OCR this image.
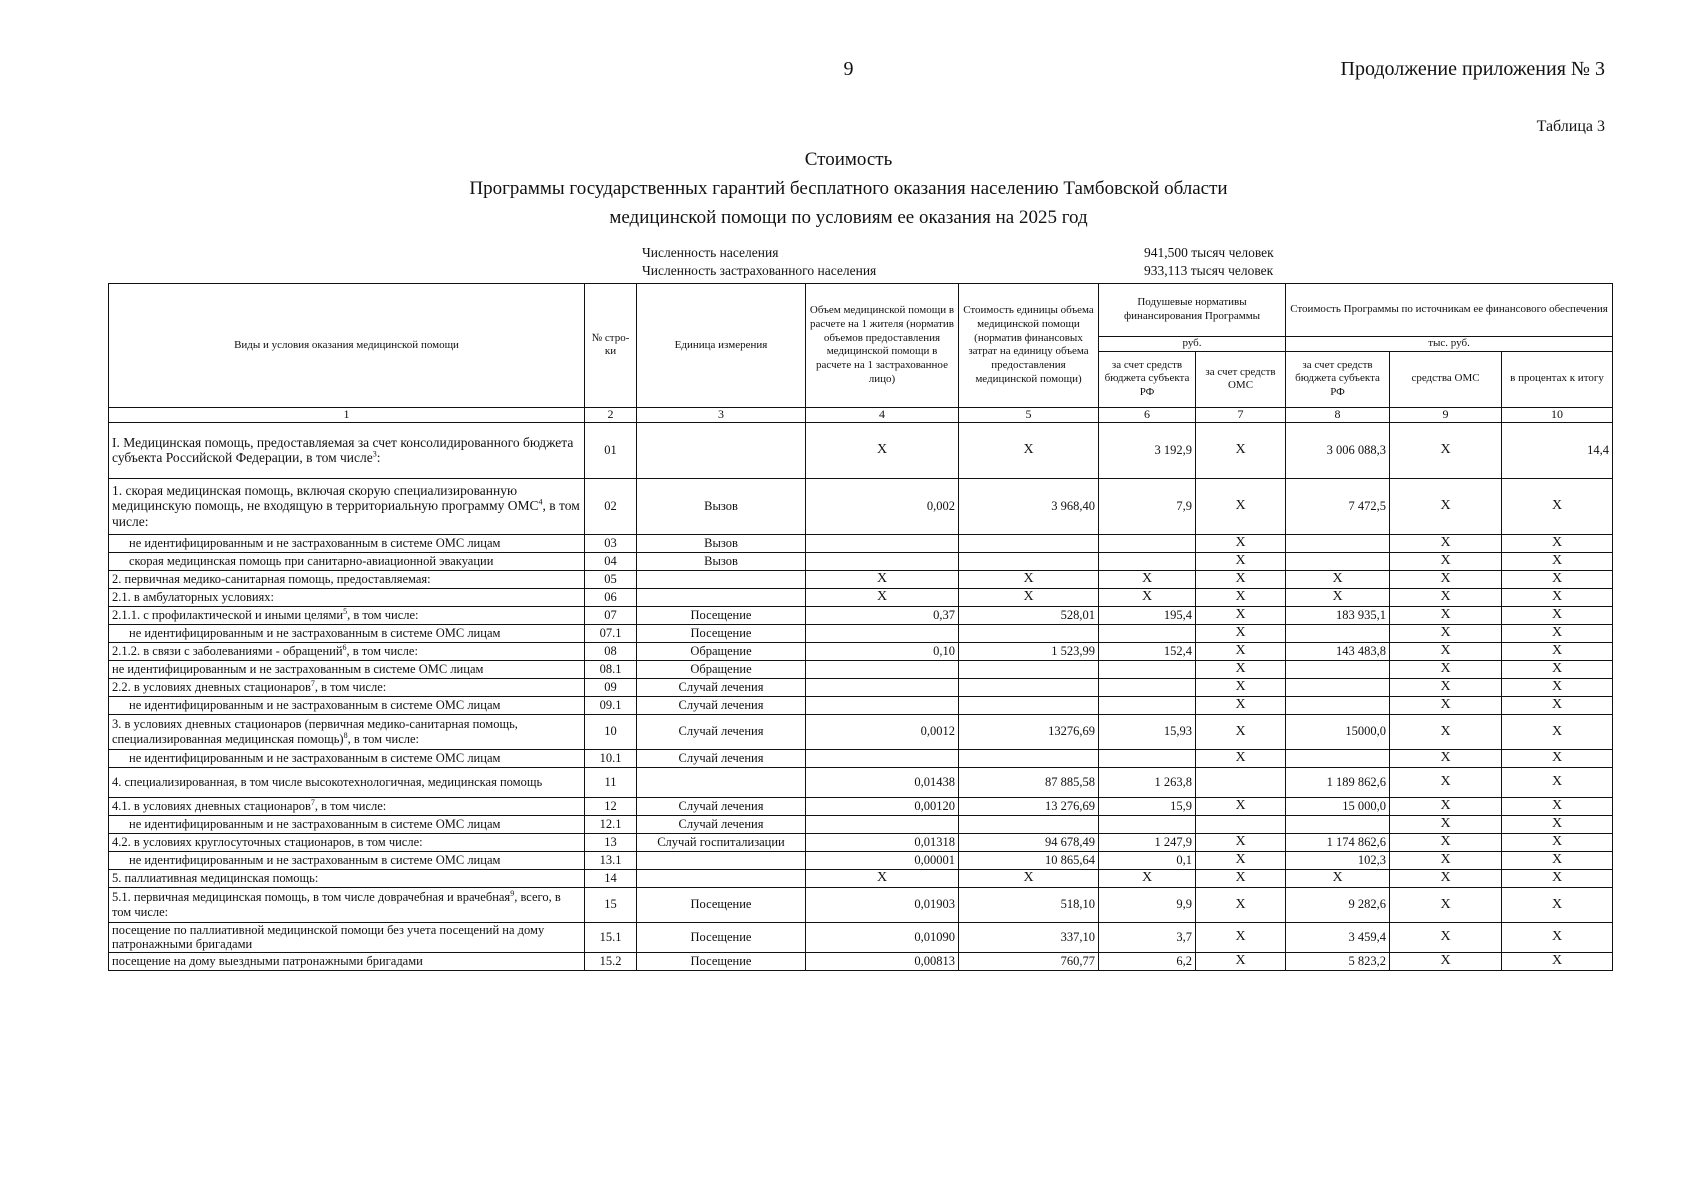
9	Продолжение приложения № 3
Таблица 3
Стоимость
Программы государственных гарантий бесплатного оказания населению Тамбовской области
медицинской помощи по условиям ее оказания на 2025 год
Численность населения	941,500 тысяч человек
Численность застрахованного населения	933,113 тысяч человек
Виды и условия оказания медицинской помощи	№ стро-ки	Единица измерения	Объем медицинской помощи в расчете на 1 жителя (норматив объемов предоставления медицинской помощи в расчете на 1 застрахованное лицо)	Стоимость единицы объема медицинской помощи (норматив финансовых затрат на единицу объема предоставления медицинской помощи)	Подушевые нормативы финансирования Программы		Стоимость Программы по источникам ее финансового обеспечения		
					руб.		тыс. руб.		
					за счет средств бюджета субъекта РФ	за счет средств ОМС	за счет средств бюджета субъекта РФ	средства ОМС	в процентах к итогу
1	2	3	4	5	6	7	8	9	10
I. Медицинская помощь, предоставляемая за счет консолидированного бюджета субъекта Российской Федерации, в том числе$^3$:	01		X	X	3 192,9	X	3 006 088,3	X	14,4
1. скорая медицинская помощь, включая скорую специализированную медицинскую помощь, не входящую в территориальную программу ОМС$^4$, в том числе:	02	Вызов	0,002	3 968,40	7,9	X	7 472,5	X	X
не идентифицированным и не застрахованным в системе ОМС лицам	03	Вызов				X		X	X
скорая медицинская помощь при санитарно-авиационной эвакуации	04	Вызов				X		X	X
2. первичная медико-санитарная помощь, предоставляемая:	05		X	X	X	X	X	X	X
2.1. в амбулаторных условиях:	06		X	X	X	X	X	X	X
2.1.1. с профилактической и иными целями$^5$, в том числе:	07	Посещение	0,37	528,01	195,4	X	183 935,1	X	X
не идентифицированным и не застрахованным в системе ОМС лицам	07.1	Посещение				X		X	X
2.1.2. в связи с заболеваниями - обращений$^6$, в том числе:	08	Обращение	0,10	1 523,99	152,4	X	143 483,8	X	X
не идентифицированным и не застрахованным в системе ОМС лицам	08.1	Обращение				X		X	X
2.2. в условиях дневных стационаров$^7$, в том числе:	09	Случай лечения				X		X	X
не идентифицированным и не застрахованным в системе ОМС лицам	09.1	Случай лечения				X		X	X
3. в условиях дневных стационаров (первичная медико-санитарная помощь, специализированная медицинская помощь)$^8$, в том числе:	10	Случай лечения	0,0012	13276,69	15,93	X	15000,0	X	X
не идентифицированным и не застрахованным в системе ОМС лицам	10.1	Случай лечения				X		X	X
4. специализированная, в том числе высокотехнологичная, медицинская помощь	11		0,01438	87 885,58	1 263,8		1 189 862,6	X	X
4.1. в условиях дневных стационаров$^7$, в том числе:	12	Случай лечения	0,00120	13 276,69	15,9	X	15 000,0	X	X
не идентифицированным и не застрахованным в системе ОМС лицам	12.1	Случай лечения						X	X
4.2. в условиях круглосуточных стационаров, в том числе:	13	Случай госпитализации	0,01318	94 678,49	1 247,9	X	1 174 862,6	X	X
не идентифицированным и не застрахованным в системе ОМС лицам	13.1		0,00001	10 865,64	0,1	X	102,3	X	X
5. паллиативная медицинская помощь:	14		X	X	X	X	X	X	X
5.1. первичная медицинская помощь, в том числе доврачебная и врачебная$^9$, всего, в том числе:	15	Посещение	0,01903	518,10	9,9	X	9 282,6	X	X
посещение по паллиативной медицинской помощи без учета посещений на дому патронажными бригадами	15.1	Посещение	0,01090	337,10	3,7	X	3 459,4	X	X
посещение на дому выездными патронажными бригадами	15.2	Посещение	0,00813	760,77	6,2	X	5 823,2	X	X
